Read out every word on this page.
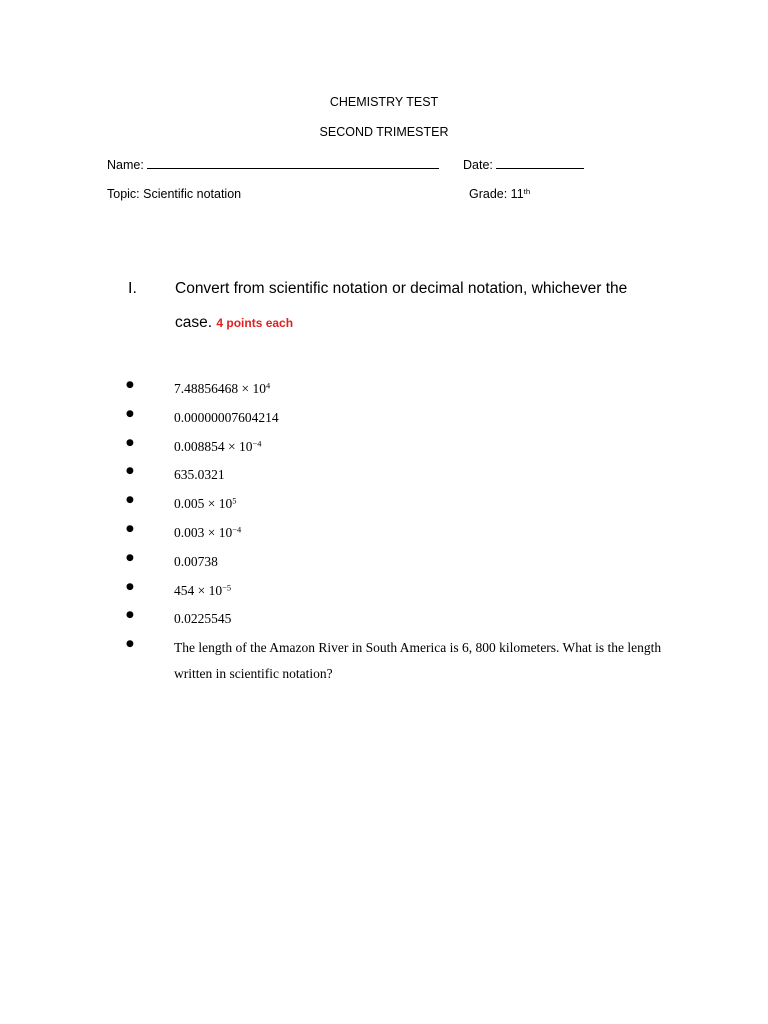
CHEMISTRY TEST
SECOND TRIMESTER
Name:	Date:
Topic: Scientific notation	Grade: 11th
I. Convert from scientific notation or decimal notation, whichever the
case. 4 points each
●	$7.48856468 \times 10^4$
●	0.00000007604214
●	$0.008854 \times 10^{-4}$
●	635.0321
●	$0.005 \times 10^5$
●	$0.003 \times 10^{-4}$
●	0.00738
●	$454 \times 10^{-5}$
●	0.0225545
●	The length of the Amazon River in South America is 6, 800 kilometers. What is the length written in scientific notation?
